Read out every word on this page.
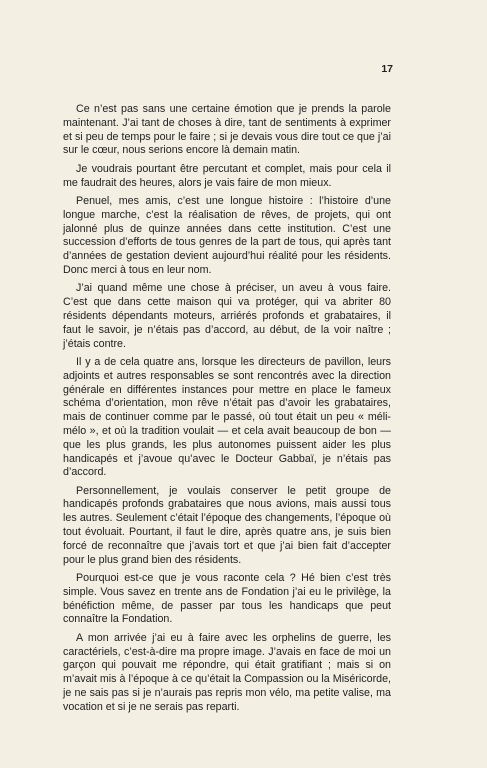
17

Ce n’est pas sans une certaine émotion que je prends la parole maintenant. J’ai tant de choses à dire, tant de sentiments à exprimer et si peu de temps pour le faire ; si je devais vous dire tout ce que j’ai sur le cœur, nous serions encore là demain matin.

Je voudrais pourtant être percutant et complet, mais pour cela il me faudrait des heures, alors je vais faire de mon mieux.

Penuel, mes amis, c’est une longue histoire : l’histoire d’une longue marche, c’est la réalisation de rêves, de projets, qui ont jalonné plus de quinze années dans cette institution. C’est une succession d’efforts de tous genres de la part de tous, qui après tant d’années de gestation devient aujourd’hui réalité pour les résidents. Donc merci à tous en leur nom.

J’ai quand même une chose à préciser, un aveu à vous faire. C’est que dans cette maison qui va protéger, qui va abriter 80 résidents dépendants moteurs, arriérés profonds et grabataires, il faut le savoir, je n’étais pas d’accord, au début, de la voir naître ; j’étais contre.

Il y a de cela quatre ans, lorsque les directeurs de pavillon, leurs adjoints et autres responsables se sont rencontrés avec la direction générale en différentes instances pour mettre en place le fameux schéma d’orientation, mon rêve n’était pas d’avoir les grabataires, mais de continuer comme par le passé, où tout était un peu « méli-mélo », et où la tradition voulait — et cela avait beaucoup de bon — que les plus grands, les plus autonomes puissent aider les plus handicapés et j’avoue qu’avec le Docteur Gabbaï, je n’étais pas d’accord.

Personnellement, je voulais conserver le petit groupe de handicapés profonds grabataires que nous avions, mais aussi tous les autres. Seulement c’était l’époque des changements, l’époque où tout évoluait. Pourtant, il faut le dire, après quatre ans, je suis bien forcé de reconnaître que j’avais tort et que j’ai bien fait d’accepter pour le plus grand bien des résidents.

Pourquoi est-ce que je vous raconte cela ? Hé bien c’est très simple. Vous savez en trente ans de Fondation j’ai eu le privilège, la bénéfiction même, de passer par tous les handicaps que peut connaître la Fondation.

A mon arrivée j’ai eu à faire avec les orphelins de guerre, les caractériels, c’est-à-dire ma propre image. J’avais en face de moi un garçon qui pouvait me répondre, qui était gratifiant ; mais si on m’avait mis à l’époque à ce qu’était la Compassion ou la Miséricorde, je ne sais pas si je n’aurais pas repris mon vélo, ma petite valise, ma vocation et si je ne serais pas reparti.
